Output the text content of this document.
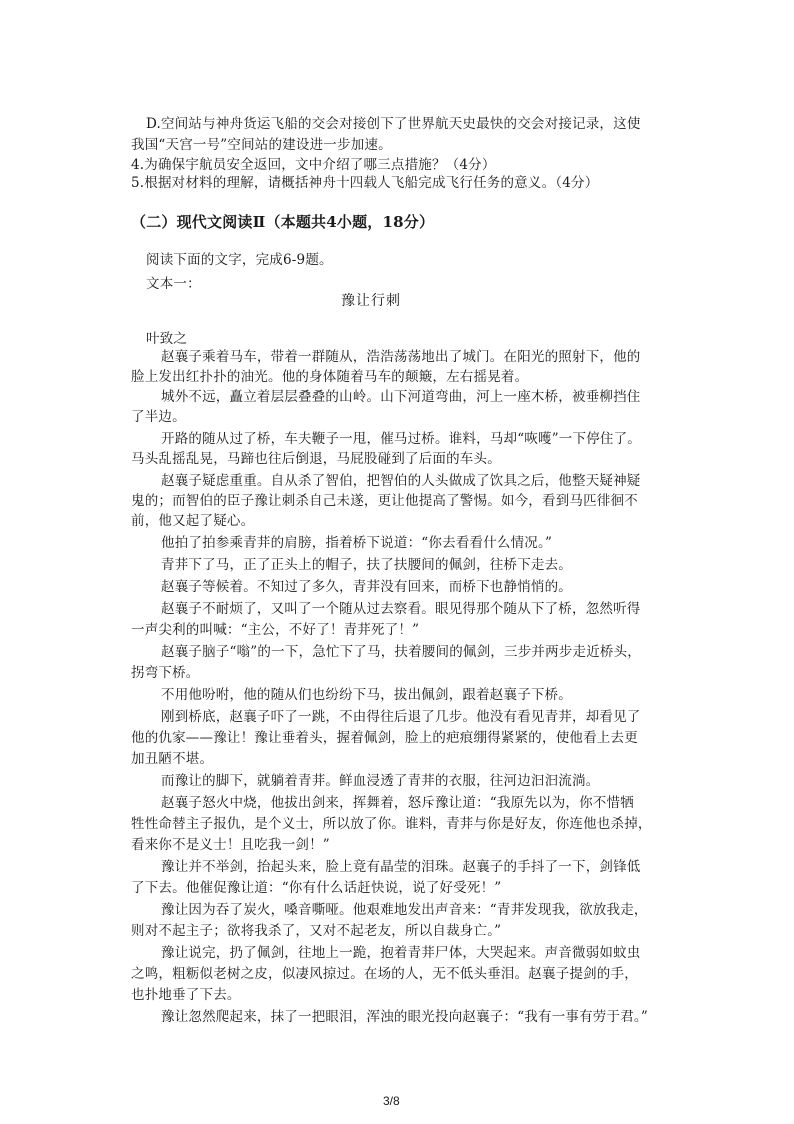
D.空间站与神舟货运飞船的交会对接创下了世界航天史最快的交会对接记录，这使
我国“天宫一号”空间站的建设进一步加速。
4.为确保宇航员安全返回，文中介绍了哪三点措施？（4分）
5.根据对材料的理解，请概括神舟十四载人飞船完成飞行任务的意义。（4分）
（二）现代文阅读Ⅱ（本题共4小题，18分）
阅读下面的文字，完成6-9题。
文本一：
豫让行刺
叶致之
赵襄子乘着马车，带着一群随从，浩浩荡荡地出了城门。在阳光的照射下，他的
脸上发出红扑扑的油光。他的身体随着马车的颠簸，左右摇晃着。
城外不远，矗立着层层叠叠的山岭。山下河道弯曲，河上一座木桥，被垂柳挡住
了半边。
开路的随从过了桥，车夫鞭子一甩，催马过桥。谁料，马却“咴嚄”一下停住了。
马头乱摇乱晃，马蹄也往后倒退，马屁股碰到了后面的车头。
赵襄子疑虑重重。自从杀了智伯，把智伯的人头做成了饮具之后，他整天疑神疑
鬼的；而智伯的臣子豫让刺杀自己未遂，更让他提高了警惕。如今，看到马匹徘徊不
前，他又起了疑心。
他拍了拍参乘青荓的肩膀，指着桥下说道：“你去看看什么情况。”
青荓下了马，正了正头上的帽子，扶了扶腰间的佩剑，往桥下走去。
赵襄子等候着。不知过了多久，青荓没有回来，而桥下也静悄悄的。
赵襄子不耐烦了，又叫了一个随从过去察看。眼见得那个随从下了桥，忽然听得
一声尖利的叫喊：“主公，不好了！青荓死了！”
赵襄子脑子“嗡”的一下，急忙下了马，扶着腰间的佩剑，三步并两步走近桥头，
拐弯下桥。
不用他吩咐，他的随从们也纷纷下马，拔出佩剑，跟着赵襄子下桥。
刚到桥底，赵襄子吓了一跳，不由得往后退了几步。他没有看见青荓，却看见了
他的仇家——豫让！豫让垂着头，握着佩剑，脸上的疤痕绷得紧紧的，使他看上去更
加丑陋不堪。
而豫让的脚下，就躺着青荓。鲜血浸透了青荓的衣服，往河边汩汩流淌。
赵襄子怒火中烧，他拔出剑来，挥舞着，怒斥豫让道：“我原先以为，你不惜牺
牲性命替主子报仇，是个义士，所以放了你。谁料，青荓与你是好友，你连他也杀掉，
看来你不是义士！且吃我一剑！”
豫让并不举剑，抬起头来，脸上竟有晶莹的泪珠。赵襄子的手抖了一下，剑锋低
了下去。他催促豫让道：“你有什么话赶快说，说了好受死！”
豫让因为吞了炭火，嗓音嘶哑。他艰难地发出声音来：“青荓发现我，欲放我走，
则对不起主子；欲将我杀了，又对不起老友，所以自裁身亡。”
豫让说完，扔了佩剑，往地上一跪，抱着青荓尸体，大哭起来。声音微弱如蚊虫
之鸣，粗粝似老树之皮，似凄风掠过。在场的人，无不低头垂泪。赵襄子提剑的手，
也扑地垂了下去。
豫让忽然爬起来，抹了一把眼泪，浑浊的眼光投向赵襄子：“我有一事有劳于君。”
3/8
